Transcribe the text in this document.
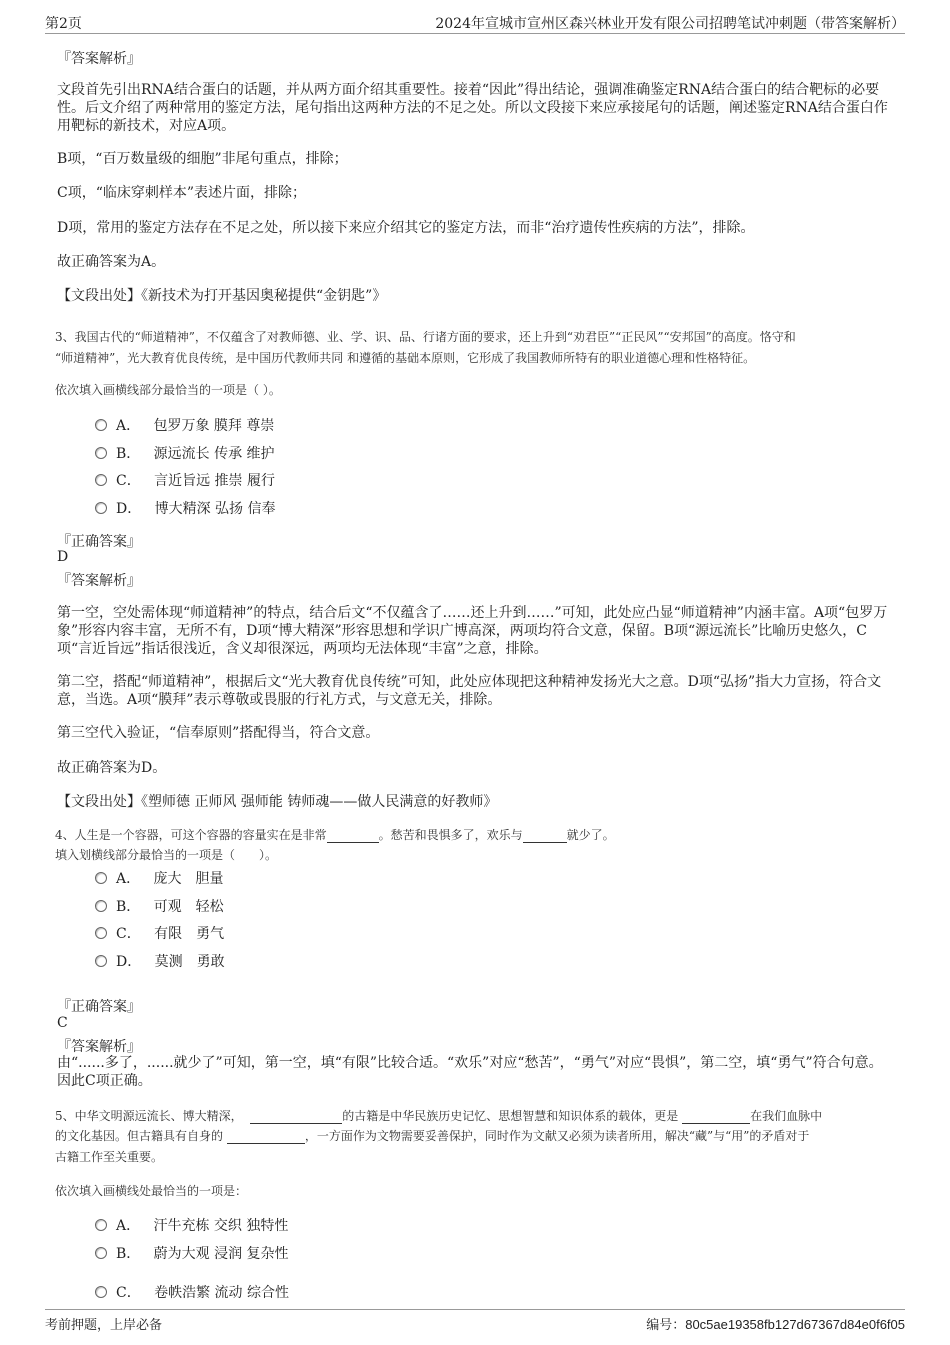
第2页	2024年宣城市宣州区森兴林业开发有限公司招聘笔试冲刺题（带答案解析）
『答案解析』
文段首先引出RNA结合蛋白的话题，并从两方面介绍其重要性。接着“因此”得出结论，强调准确鉴定RNA结合蛋白的结合靶标的必要性。后文介绍了两种常用的鉴定方法，尾句指出这两种方法的不足之处。所以文段接下来应承接尾句的话题，阐述鉴定RNA结合蛋白作用靶标的新技术，对应A项。
B项，“百万数量级的细胞”非尾句重点，排除；
C项，“临床穿刺样本”表述片面，排除；
D项，常用的鉴定方法存在不足之处，所以接下来应介绍其它的鉴定方法，而非“治疗遗传性疾病的方法”，排除。
故正确答案为A。
【文段出处】《新技术为打开基因奥秘提供“金钥匙”》
3、我国古代的“师道精神”，不仅蕴含了对教师德、业、学、识、品、行诸方面的要求，还上升到“劝君臣”“正民风”“安邦国”的高度。恪守和
“师道精神”，光大教育优良传统，是中国历代教师共同 和遵循的基础本原则，它形成了我国教师所特有的职业道德心理和性格特征。
依次填入画横线部分最恰当的一项是（ ）。
A． 包罗万象 膜拜 尊崇
B． 源远流长 传承 维护
C． 言近旨远 推崇 履行
D． 博大精深 弘扬 信奉
『正确答案』
D
『答案解析』
第一空，空处需体现“师道精神”的特点，结合后文“不仅蕴含了……还上升到……”可知，此处应凸显“师道精神”内涵丰富。A项“包罗万象”形容内容丰富，无所不有，D项“博大精深”形容思想和学识广博高深，两项均符合文意，保留。B项“源远流长”比喻历史悠久，C项“言近旨远”指话很浅近，含义却很深远，两项均无法体现“丰富”之意，排除。
第二空，搭配“师道精神”，根据后文“光大教育优良传统”可知，此处应体现把这种精神发扬光大之意。D项“弘扬”指大力宣扬，符合文意，当选。A项“膜拜”表示尊敬或畏服的行礼方式，与文意无关，排除。
第三空代入验证，“信奉原则”搭配得当，符合文意。
故正确答案为D。
【文段出处】《塑师德 正师风 强师能 铸师魂——做人民满意的好教师》
4、人生是一个容器，可这个容器的容量实在是非常	。愁苦和畏惧多了，欢乐与	就少了。
填入划横线部分最恰当的一项是（　　）。
A． 庞大　胆量
B． 可观　轻松
C． 有限　勇气
D． 莫测　勇敢
『正确答案』
C
『答案解析』
由“......多了，......就少了”可知，第一空，填“有限”比较合适。“欢乐”对应“愁苦”，“勇气”对应“畏惧”，第二空，填“勇气”符合句意。因此C项正确。
5、中华文明源远流长、博大精深，	的古籍是中华民族历史记忆、思想智慧和知识体系的载体，更是	在我们血脉中
的文化基因。但古籍具有自身的	，一方面作为文物需要妥善保护，同时作为文献又必须为读者所用，解决“藏”与“用”的矛盾对于
古籍工作至关重要。
依次填入画横线处最恰当的一项是：
A． 汗牛充栋 交织 独特性
B． 蔚为大观 浸润 复杂性
C． 卷帙浩繁 流动 综合性
考前押题，上岸必备	编号：80c5ae19358fb127d67367d84e0f6f05
